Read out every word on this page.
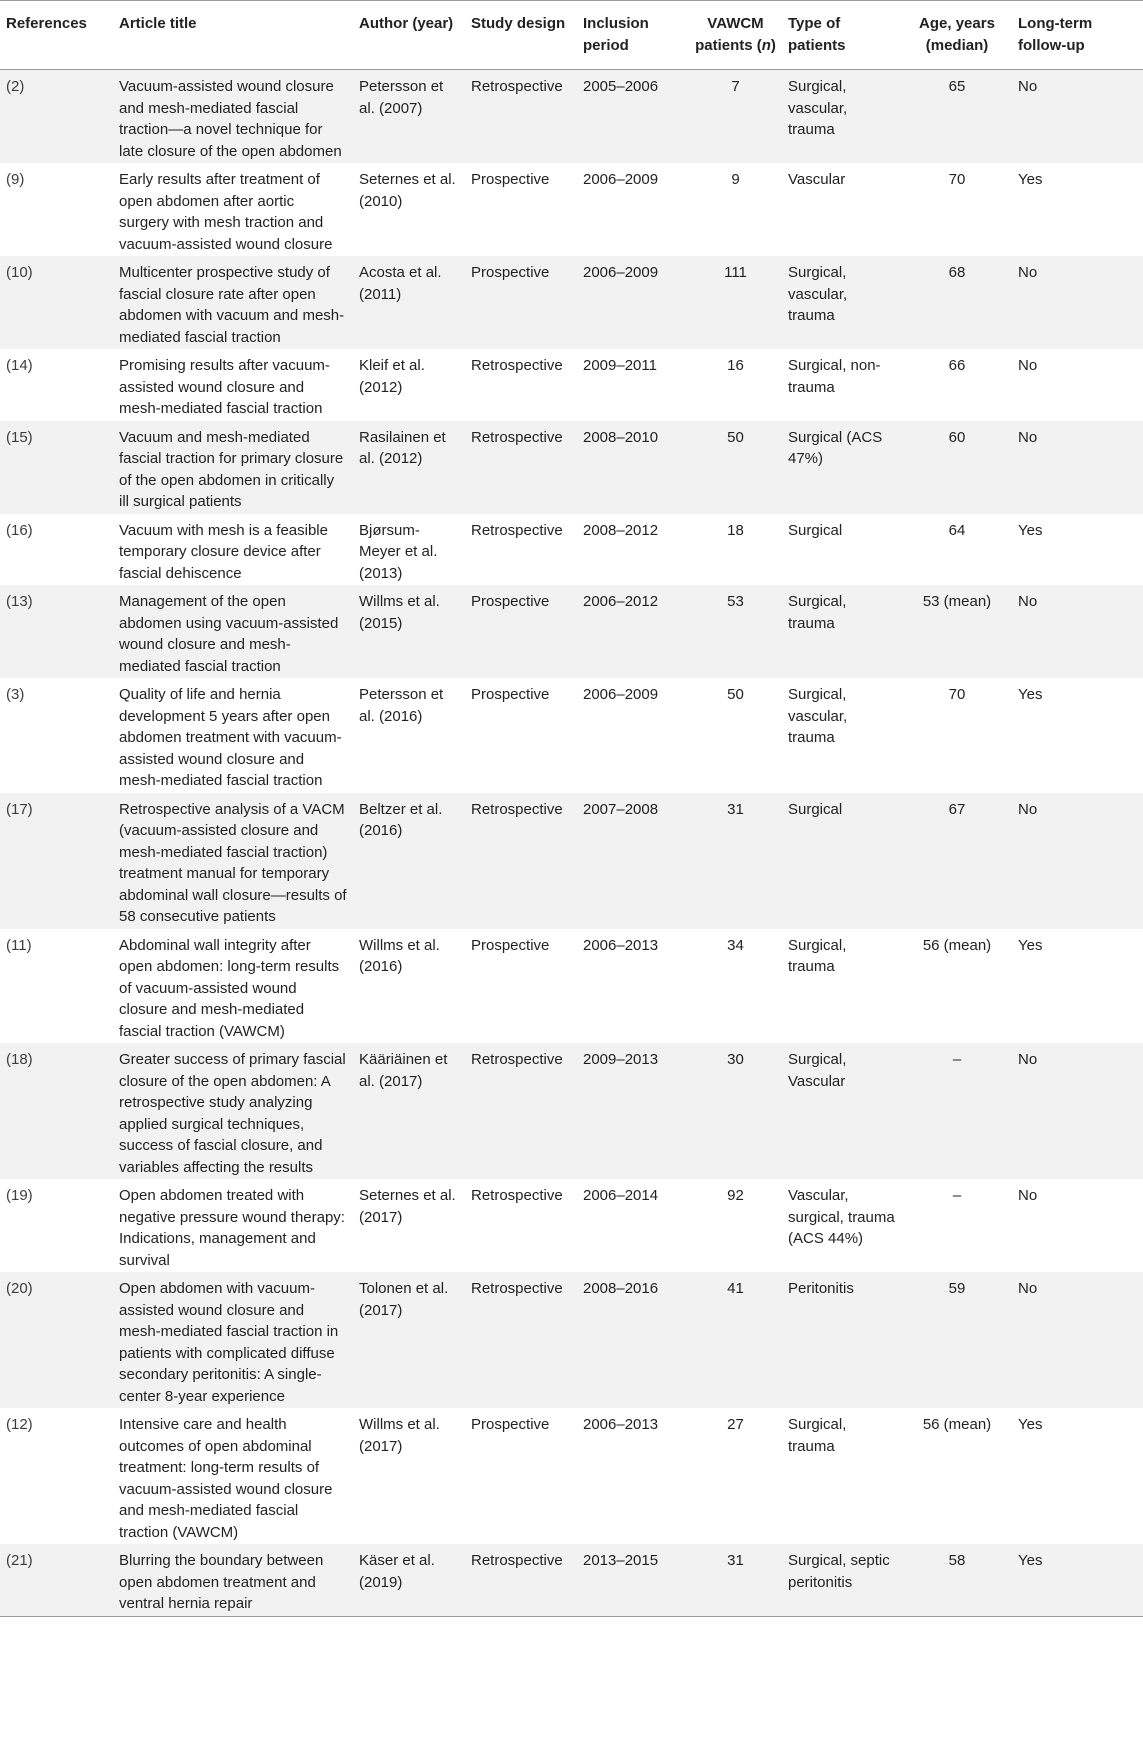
References	Article title	Author (year)	Study design	Inclusion period	VAWCM patients (n)	Type of patients	Age, years (median)	Long-term follow-up
(2)	Vacuum-assisted wound closure and mesh-mediated fascial traction—a novel technique for late closure of the open abdomen	Petersson et al. (2007)	Retrospective	2005–2006	7	Surgical, vascular, trauma	65	No
(9)	Early results after treatment of open abdomen after aortic surgery with mesh traction and vacuum-assisted wound closure	Seternes et al. (2010)	Prospective	2006–2009	9	Vascular	70	Yes
(10)	Multicenter prospective study of fascial closure rate after open abdomen with vacuum and mesh-mediated fascial traction	Acosta et al. (2011)	Prospective	2006–2009	111	Surgical, vascular, trauma	68	No
(14)	Promising results after vacuum-assisted wound closure and mesh-mediated fascial traction	Kleif et al. (2012)	Retrospective	2009–2011	16	Surgical, non-trauma	66	No
(15)	Vacuum and mesh-mediated fascial traction for primary closure of the open abdomen in critically ill surgical patients	Rasilainen et al. (2012)	Retrospective	2008–2010	50	Surgical (ACS 47%)	60	No
(16)	Vacuum with mesh is a feasible temporary closure device after fascial dehiscence	Bjørsum-Meyer et al. (2013)	Retrospective	2008–2012	18	Surgical	64	Yes
(13)	Management of the open abdomen using vacuum-assisted wound closure and mesh-mediated fascial traction	Willms et al. (2015)	Prospective	2006–2012	53	Surgical, trauma	53 (mean)	No
(3)	Quality of life and hernia development 5 years after open abdomen treatment with vacuum-assisted wound closure and mesh-mediated fascial traction	Petersson et al. (2016)	Prospective	2006–2009	50	Surgical, vascular, trauma	70	Yes
(17)	Retrospective analysis of a VACM (vacuum-assisted closure and mesh-mediated fascial traction) treatment manual for temporary abdominal wall closure—results of 58 consecutive patients	Beltzer et al. (2016)	Retrospective	2007–2008	31	Surgical	67	No
(11)	Abdominal wall integrity after open abdomen: long-term results of vacuum-assisted wound closure and mesh-mediated fascial traction (VAWCM)	Willms et al. (2016)	Prospective	2006–2013	34	Surgical, trauma	56 (mean)	Yes
(18)	Greater success of primary fascial closure of the open abdomen: A retrospective study analyzing applied surgical techniques, success of fascial closure, and variables affecting the results	Kääriäinen et al. (2017)	Retrospective	2009–2013	30	Surgical, Vascular	–	No
(19)	Open abdomen treated with negative pressure wound therapy: Indications, management and survival	Seternes et al. (2017)	Retrospective	2006–2014	92	Vascular, surgical, trauma (ACS 44%)	–	No
(20)	Open abdomen with vacuum-assisted wound closure and mesh-mediated fascial traction in patients with complicated diffuse secondary peritonitis: A single-center 8-year experience	Tolonen et al. (2017)	Retrospective	2008–2016	41	Peritonitis	59	No
(12)	Intensive care and health outcomes of open abdominal treatment: long-term results of vacuum-assisted wound closure and mesh-mediated fascial traction (VAWCM)	Willms et al. (2017)	Prospective	2006–2013	27	Surgical, trauma	56 (mean)	Yes
(21)	Blurring the boundary between open abdomen treatment and ventral hernia repair	Käser et al. (2019)	Retrospective	2013–2015	31	Surgical, septic peritonitis	58	Yes
